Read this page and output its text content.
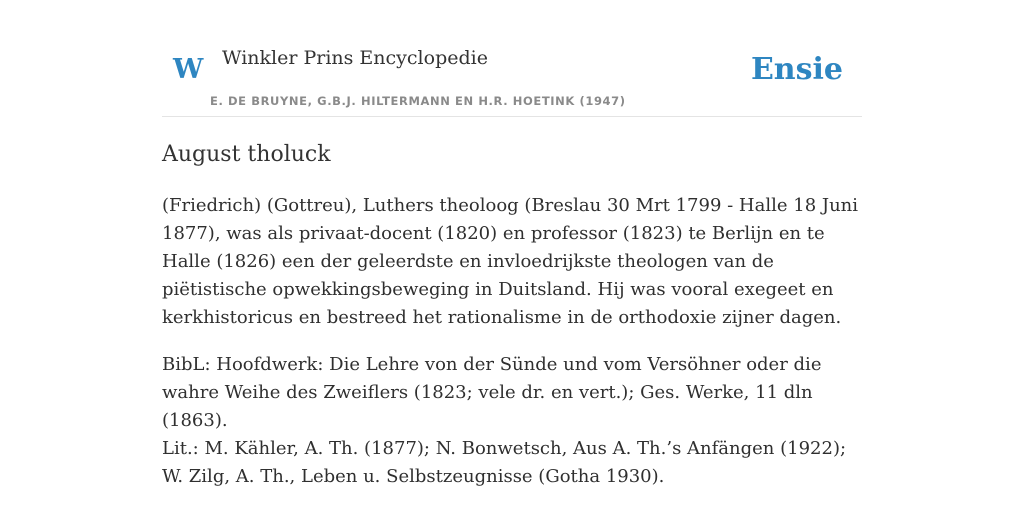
W Winkler Prins Encyclopedie
E. DE BRUYNE, G.B.J. HILTERMANN EN H.R. HOETINK (1947)
Ensie
August tholuck

(Friedrich) (Gottreu), Luthers theoloog (Breslau 30 Mrt 1799 - Halle 18 Juni 1877), was als privaat-docent (1820) en professor (1823) te Berlijn en te Halle (1826) een der geleerdste en invloedrijkste theologen van de piëtistische opwekkingsbeweging in Duitsland. Hij was vooral exegeet en kerkhistoricus en bestreed het rationalisme in de orthodoxie zijner dagen.

BibL: Hoofdwerk: Die Lehre von der Sünde und vom Versöhner oder die wahre Weihe des Zweiflers (1823; vele dr. en vert.); Ges. Werke, 11 dln (1863).

Lit.: M. Kähler, A. Th. (1877); N. Bonwetsch, Aus A. Th.’s Anfängen (1922); W. Zilg, A. Th., Leben u. Selbstzeugnisse (Gotha 1930).
